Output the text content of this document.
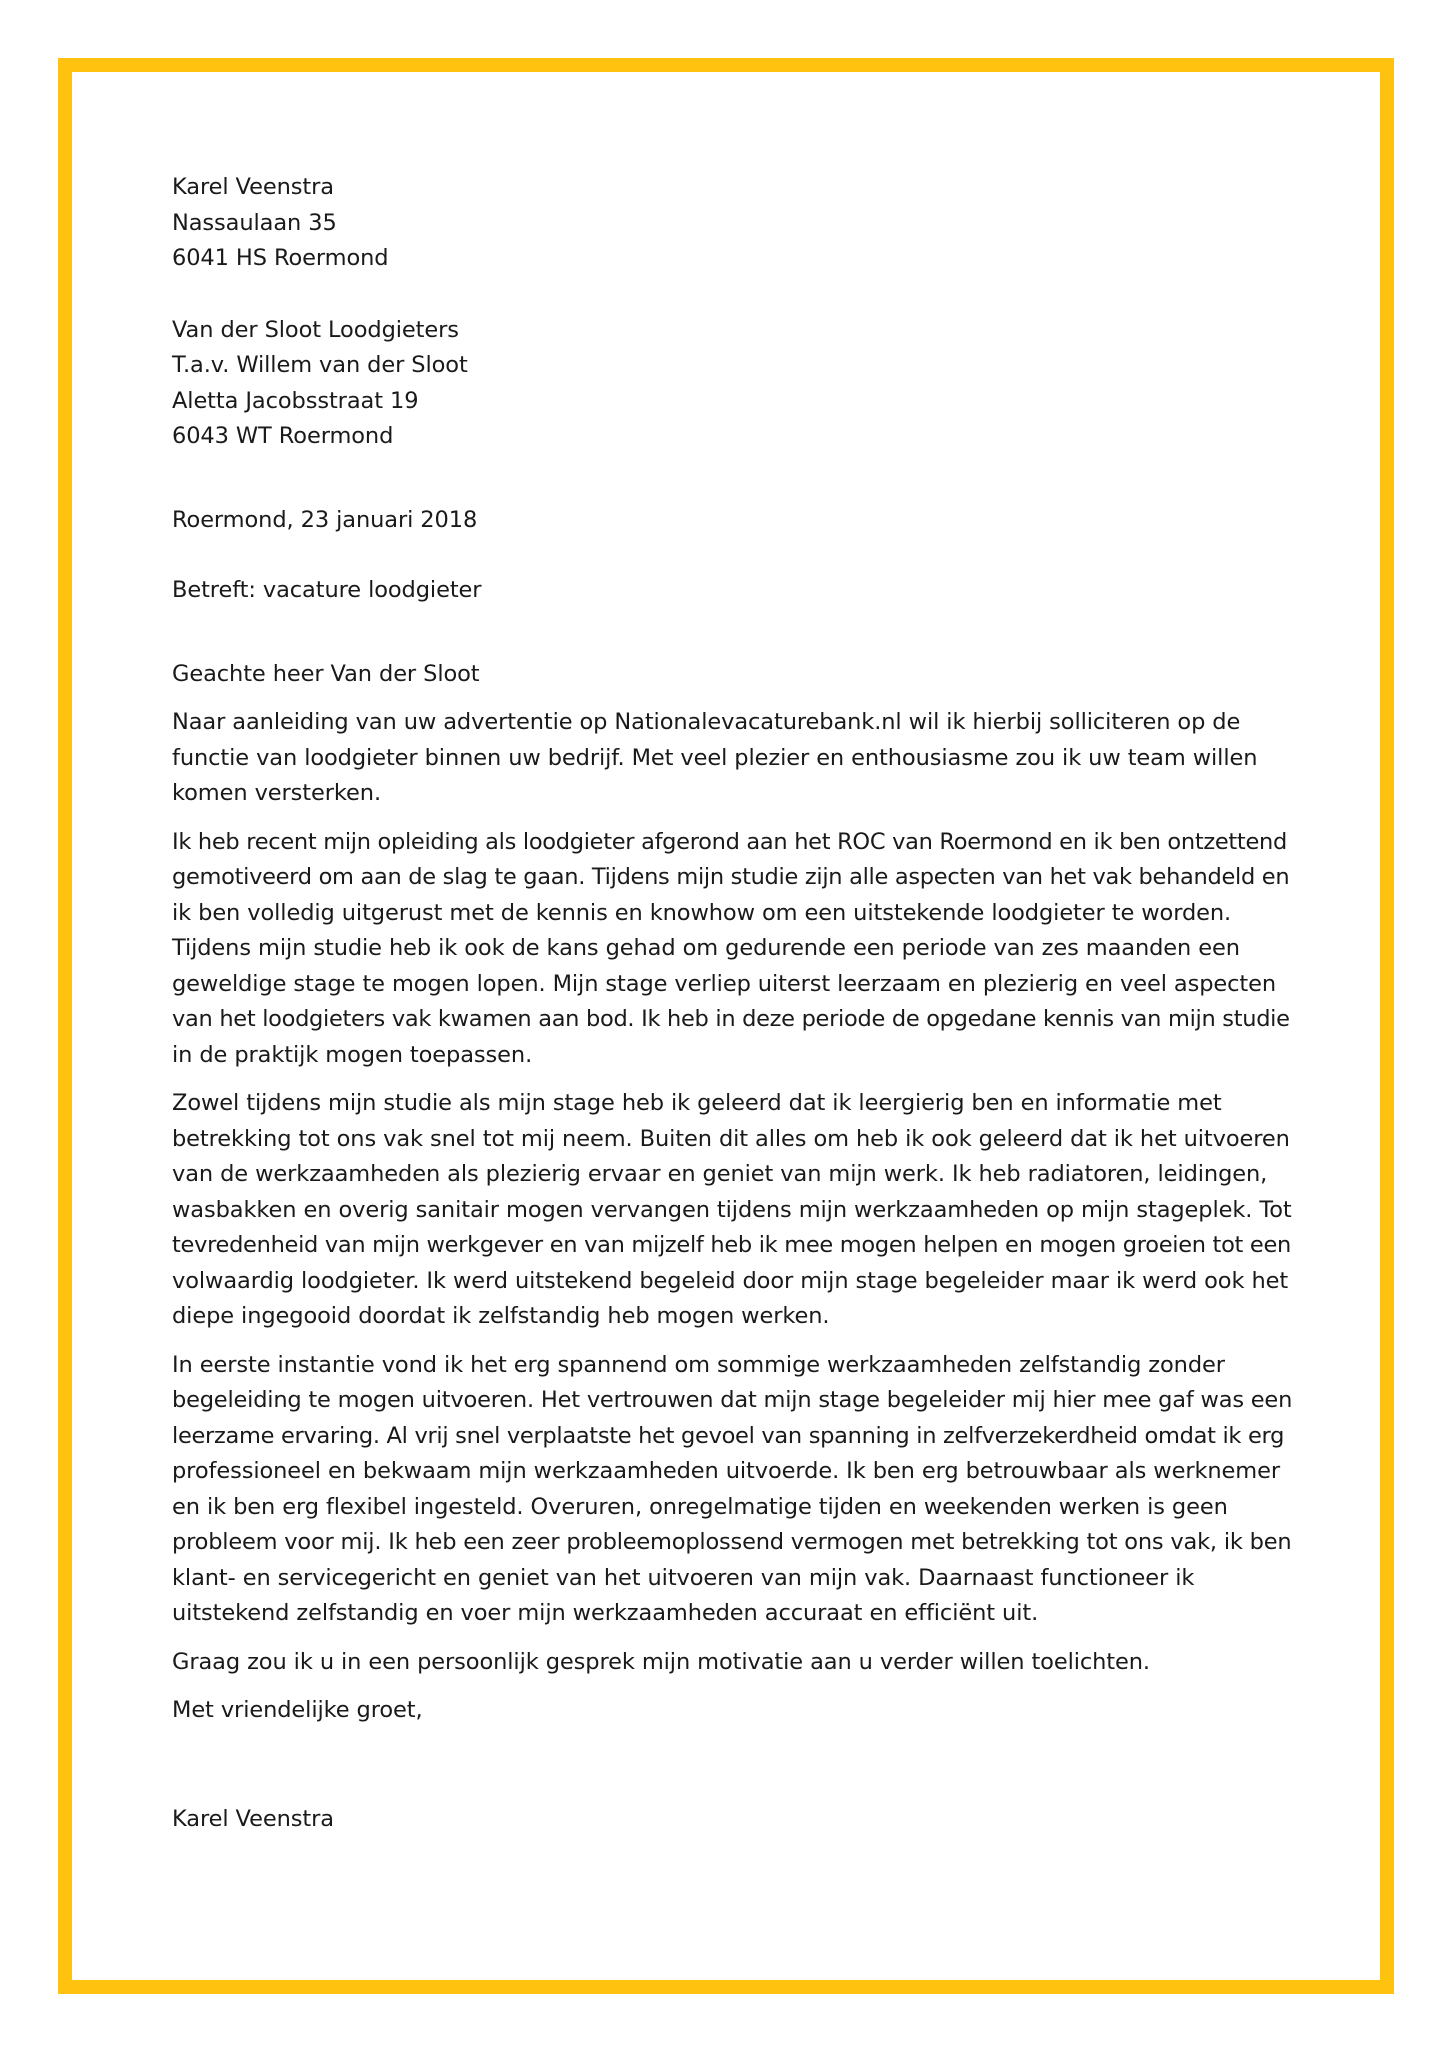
Karel Veenstra

Nassaulaan 35

6041 HS Roermond

Van der Sloot Loodgieters

T.a.v. Willem van der Sloot

Aletta Jacobsstraat 19

6043 WT Roermond

Roermond, 23 januari 2018

Betreft: vacature loodgieter

Geachte heer Van der Sloot

Naar aanleiding van uw advertentie op Nationalevacaturebank.nl wil ik hierbij solliciteren op de

functie van loodgieter binnen uw bedrijf. Met veel plezier en enthousiasme zou ik uw team willen

komen versterken.

Ik heb recent mijn opleiding als loodgieter afgerond aan het ROC van Roermond en ik ben ontzettend

gemotiveerd om aan de slag te gaan. Tijdens mijn studie zijn alle aspecten van het vak behandeld en

ik ben volledig uitgerust met de kennis en knowhow om een uitstekende loodgieter te worden.

Tijdens mijn studie heb ik ook de kans gehad om gedurende een periode van zes maanden een

geweldige stage te mogen lopen. Mijn stage verliep uiterst leerzaam en plezierig en veel aspecten

van het loodgieters vak kwamen aan bod. Ik heb in deze periode de opgedane kennis van mijn studie

in de praktijk mogen toepassen.

Zowel tijdens mijn studie als mijn stage heb ik geleerd dat ik leergierig ben en informatie met

betrekking tot ons vak snel tot mij neem. Buiten dit alles om heb ik ook geleerd dat ik het uitvoeren

van de werkzaamheden als plezierig ervaar en geniet van mijn werk. Ik heb radiatoren, leidingen,

wasbakken en overig sanitair mogen vervangen tijdens mijn werkzaamheden op mijn stageplek. Tot

tevredenheid van mijn werkgever en van mijzelf heb ik mee mogen helpen en mogen groeien tot een

volwaardig loodgieter. Ik werd uitstekend begeleid door mijn stage begeleider maar ik werd ook het

diepe ingegooid doordat ik zelfstandig heb mogen werken.

In eerste instantie vond ik het erg spannend om sommige werkzaamheden zelfstandig zonder

begeleiding te mogen uitvoeren. Het vertrouwen dat mijn stage begeleider mij hier mee gaf was een

leerzame ervaring. Al vrij snel verplaatste het gevoel van spanning in zelfverzekerdheid omdat ik erg

professioneel en bekwaam mijn werkzaamheden uitvoerde. Ik ben erg betrouwbaar als werknemer

en ik ben erg flexibel ingesteld. Overuren, onregelmatige tijden en weekenden werken is geen

probleem voor mij. Ik heb een zeer probleemoplossend vermogen met betrekking tot ons vak, ik ben

klant- en servicegericht en geniet van het uitvoeren van mijn vak. Daarnaast functioneer ik

uitstekend zelfstandig en voer mijn werkzaamheden accuraat en efficiënt uit.

Graag zou ik u in een persoonlijk gesprek mijn motivatie aan u verder willen toelichten.

Met vriendelijke groet,

Karel Veenstra
